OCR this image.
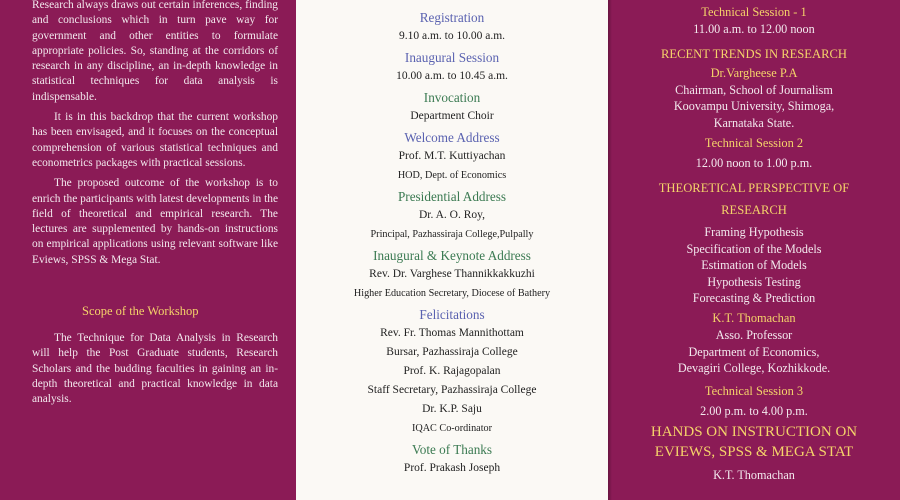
Research always draws out certain inferences, finding and conclusions which in turn pave way for government and other entities to formulate appropriate policies. So, standing at the corridors of research in any discipline, an in-depth knowledge in statistical techniques for data analysis is indispensable.

It is in this backdrop that the current workshop has been envisaged, and it focuses on the conceptual comprehension of various statistical techniques and econometrics packages with practical sessions.

The proposed outcome of the workshop is to enrich the participants with latest developments in the field of theoretical and empirical research. The lectures are supplemented by hands-on instructions on empirical applications using relevant software like Eviews, SPSS & Mega Stat.

Scope of the Workshop

The Technique for Data Analysis in Research will help the Post Graduate students, Research Scholars and the budding faculties in gaining an in-depth theoretical and practical knowledge in data analysis.

Registration
9.10 a.m. to 10.00 a.m.
Inaugural Session
10.00 a.m. to 10.45 a.m.
Invocation
Department Choir
Welcome Address
Prof. M.T. Kuttiyachan
HOD, Dept. of Economics
Presidential Address
Dr. A. O. Roy,
Principal, Pazhassiraja College,Pulpally
Inaugural & Keynote Address
Rev. Dr. Varghese Thannikkakkuzhi
Higher Education Secretary, Diocese of Bathery
Felicitations
Rev. Fr. Thomas Mannithottam
Bursar, Pazhassiraja College
Prof. K. Rajagopalan
Staff Secretary, Pazhassiraja College
Dr. K.P. Saju
IQAC Co-ordinator
Vote of Thanks
Prof. Prakash Joseph
Technical Session - 1
11.00 a.m. to 12.00 noon
RECENT TRENDS IN RESEARCH
Dr.Vargheese P.A
Chairman, School of Journalism
Koovampu University, Shimoga,
Karnataka State.
Technical Session 2
12.00 noon to 1.00 p.m.
THEORETICAL PERSPECTIVE OF
RESEARCH
Framing Hypothesis
Specification of the Models
Estimation of Models
Hypothesis Testing
Forecasting & Prediction
K.T. Thomachan
Asso. Professor
Department of Economics,
Devagiri College, Kozhikkode.
Technical Session 3
2.00 p.m. to 4.00 p.m.
HANDS ON INSTRUCTION ON
EVIEWS, SPSS & MEGA STAT
K.T. Thomachan
